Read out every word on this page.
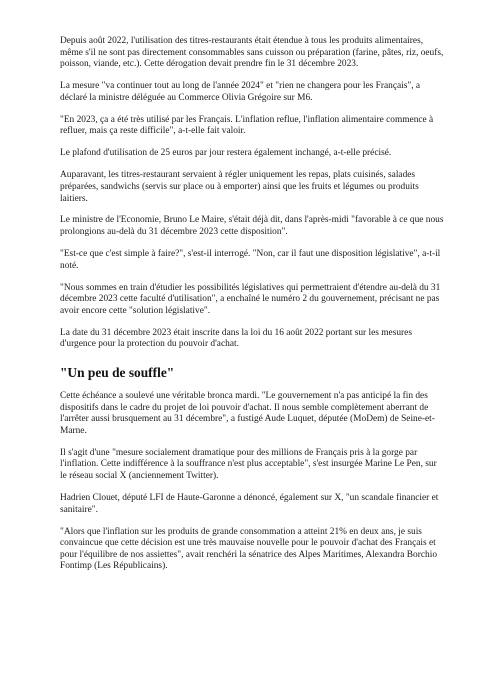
Depuis août 2022, l'utilisation des titres-restaurants était étendue à tous les produits alimentaires, même s'il ne sont pas directement consommables sans cuisson ou préparation (farine, pâtes, riz, oeufs, poisson, viande, etc.). Cette dérogation devait prendre fin le 31 décembre 2023.

La mesure "va continuer tout au long de l'année 2024" et "rien ne changera pour les Français", a déclaré la ministre déléguée au Commerce Olivia Grégoire sur M6.

"En 2023, ça a été très utilisé par les Français. L'inflation reflue, l'inflation alimentaire commence à refluer, mais ça reste difficile", a-t-elle fait valoir.

Le plafond d'utilisation de 25 euros par jour restera également inchangé, a-t-elle précisé.

Auparavant, les titres-restaurant servaient à régler uniquement les repas, plats cuisinés, salades préparées, sandwichs (servis sur place ou à emporter) ainsi que les fruits et légumes ou produits laitiers.

Le ministre de l'Economie, Bruno Le Maire, s'était déjà dit, dans l'après-midi "favorable à ce que nous prolongions au-delà du 31 décembre 2023 cette disposition".

"Est-ce que c'est simple à faire?", s'est-il interrogé. "Non, car il faut une disposition législative", a-t-il noté.

"Nous sommes en train d'étudier les possibilités législatives qui permettraient d'étendre au-delà du 31 décembre 2023 cette faculté d'utilisation", a enchaîné le numéro 2 du gouvernement, précisant ne pas avoir encore cette "solution législative".

La date du 31 décembre 2023 était inscrite dans la loi du 16 août 2022 portant sur les mesures d'urgence pour la protection du pouvoir d'achat.

"Un peu de souffle"

Cette échéance a soulevé une véritable bronca mardi. "Le gouvernement n'a pas anticipé la fin des dispositifs dans le cadre du projet de loi pouvoir d'achat. Il nous semble complètement aberrant de l'arrêter aussi brusquement au 31 décembre", a fustigé Aude Luquet, députée (MoDem) de Seine-et-Marne.

Il s'agit d'une "mesure socialement dramatique pour des millions de Français pris à la gorge par l'inflation. Cette indifférence à la souffrance n'est plus acceptable", s'est insurgée Marine Le Pen, sur le réseau social X (anciennement Twitter).

Hadrien Clouet, député LFI de Haute-Garonne a dénoncé, également sur X, "un scandale financier et sanitaire".

"Alors que l'inflation sur les produits de grande consommation a atteint 21% en deux ans, je suis convaincue que cette décision est une très mauvaise nouvelle pour le pouvoir d'achat des Français et pour l'équilibre de nos assiettes", avait renchéri la sénatrice des Alpes Maritimes, Alexandra Borchio Fontimp (Les Républicains).
